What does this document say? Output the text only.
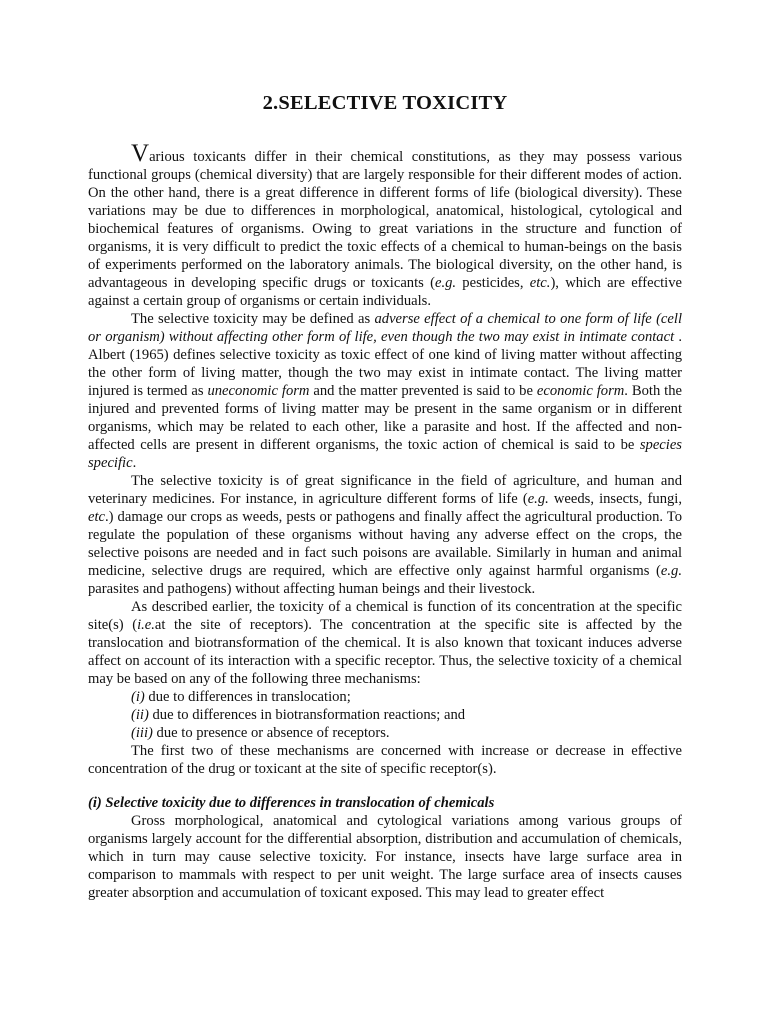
2.SELECTIVE TOXICITY

Various toxicants differ in their chemical constitutions, as they may possess various functional groups (chemical diversity) that are largely responsible for their different modes of action. On the other hand, there is a great difference in different forms of life (biological diversity). These variations may be due to differences in morphological, anatomical, histological, cytological and biochemical features of organisms. Owing to great variations in the structure and function of organisms, it is very difficult to predict the toxic effects of a chemical to human-beings on the basis of experiments performed on the laboratory animals. The biological diversity, on the other hand, is advantageous in developing specific drugs or toxicants (e.g. pesticides, etc.), which are effective against a certain group of organisms or certain individuals.

The selective toxicity may be defined as adverse effect of a chemical to one form of life (cell or organism) without affecting other form of life, even though the two may exist in intimate contact . Albert (1965) defines selective toxicity as toxic effect of one kind of living matter without affecting the other form of living matter, though the two may exist in intimate contact. The living matter injured is termed as uneconomic form and the matter prevented is said to be economic form. Both the injured and prevented forms of living matter may be present in the same organism or in different organisms, which may be related to each other, like a parasite and host. If the affected and non-affected cells are present in different organisms, the toxic action of chemical is said to be species specific.

The selective toxicity is of great significance in the field of agriculture, and human and veterinary medicines. For instance, in agriculture different forms of life (e.g. weeds, insects, fungi, etc.) damage our crops as weeds, pests or pathogens and finally affect the agricultural production. To regulate the population of these organisms without having any adverse effect on the crops, the selective poisons are needed and in fact such poisons are available. Similarly in human and animal medicine, selective drugs are required, which are effective only against harmful organisms (e.g. parasites and pathogens) without affecting human beings and their livestock.

As described earlier, the toxicity of a chemical is function of its concentration at the specific site(s) (i.e.at the site of receptors). The concentration at the specific site is affected by the translocation and biotransformation of the chemical. It is also known that toxicant induces adverse affect on account of its interaction with a specific receptor. Thus, the selective toxicity of a chemical may be based on any of the following three mechanisms:

(i) due to differences in translocation;

(ii) due to differences in biotransformation reactions; and

(iii) due to presence or absence of receptors.

The first two of these mechanisms are concerned with increase or decrease in effective concentration of the drug or toxicant at the site of specific receptor(s).

(i) Selective toxicity due to differences in translocation of chemicals

Gross morphological, anatomical and cytological variations among various groups of organisms largely account for the differential absorption, distribution and accumulation of chemicals, which in turn may cause selective toxicity. For instance, insects have large surface area in comparison to mammals with respect to per unit weight. The large surface area of insects causes greater absorption and accumulation of toxicant exposed. This may lead to greater effect
